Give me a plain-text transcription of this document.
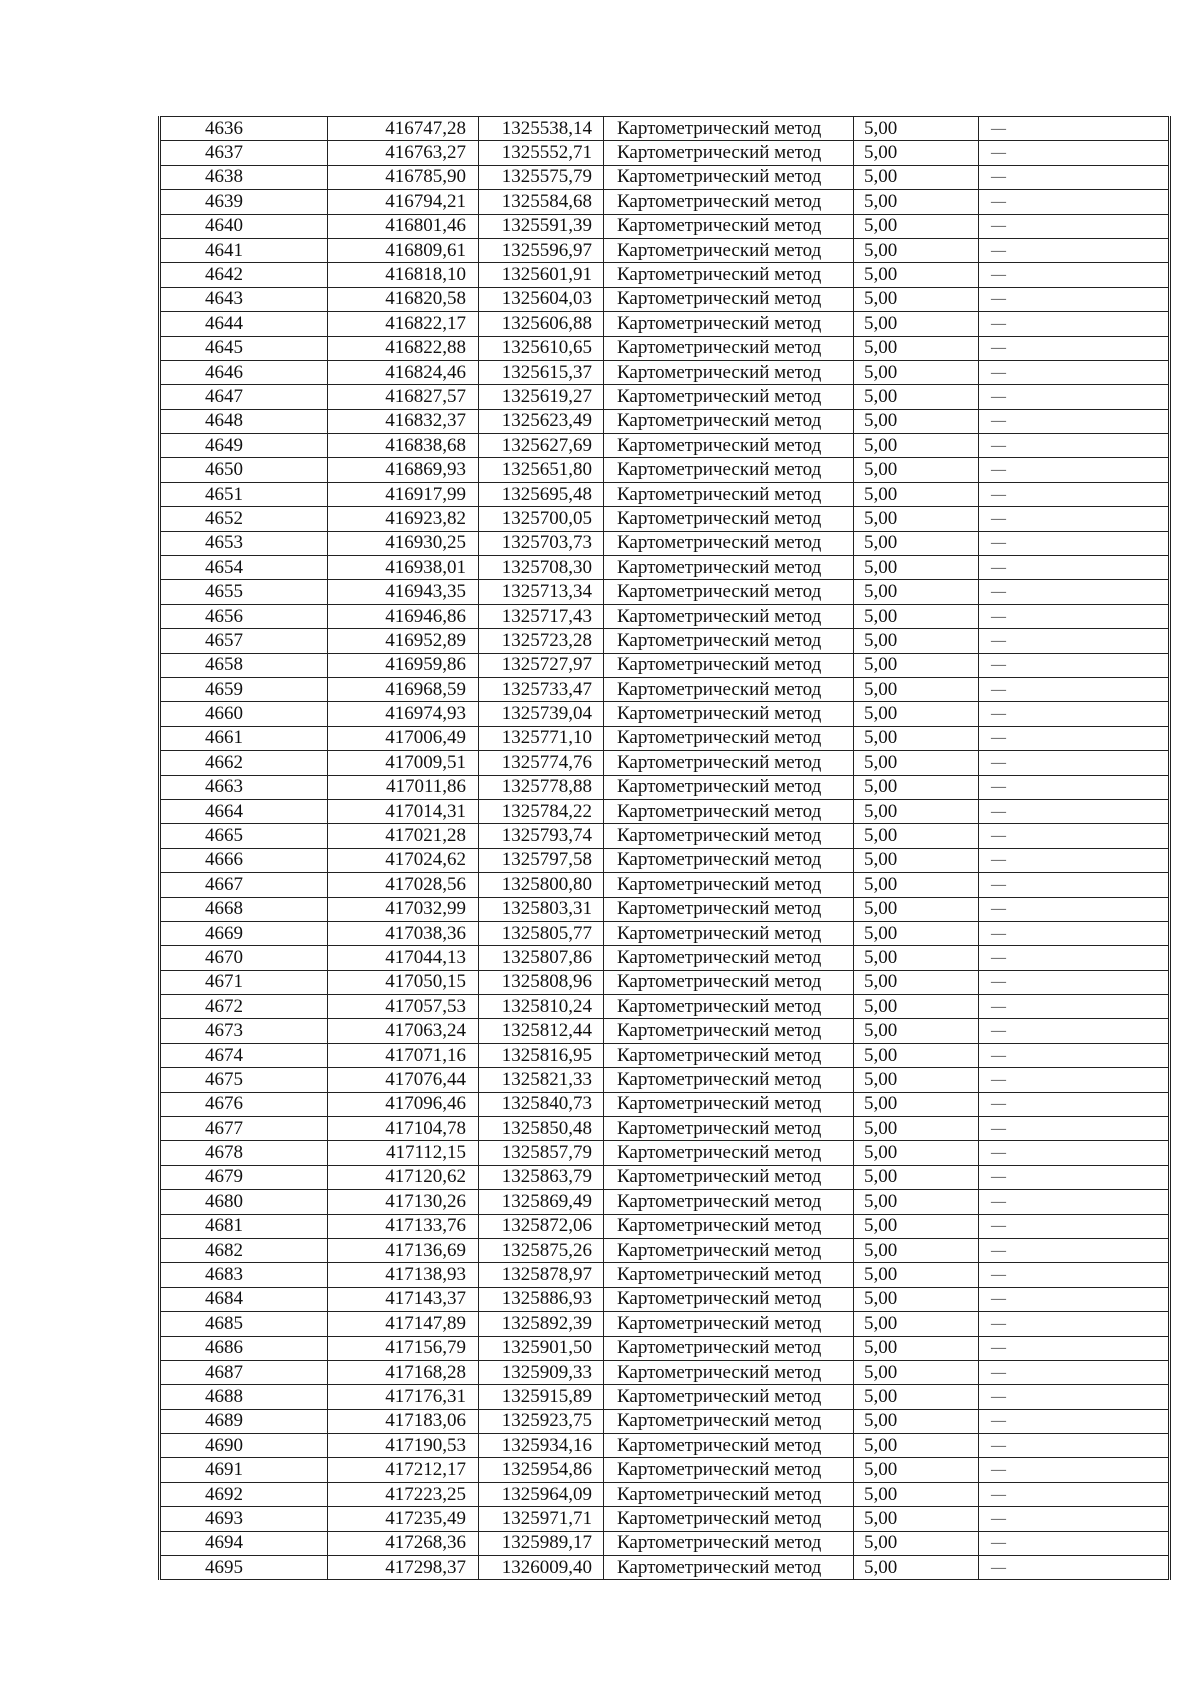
4636	416747,28	1325538,14	Картометрический метод	5,00	—
4637	416763,27	1325552,71	Картометрический метод	5,00	—
4638	416785,90	1325575,79	Картометрический метод	5,00	—
4639	416794,21	1325584,68	Картометрический метод	5,00	—
4640	416801,46	1325591,39	Картометрический метод	5,00	—
4641	416809,61	1325596,97	Картометрический метод	5,00	—
4642	416818,10	1325601,91	Картометрический метод	5,00	—
4643	416820,58	1325604,03	Картометрический метод	5,00	—
4644	416822,17	1325606,88	Картометрический метод	5,00	—
4645	416822,88	1325610,65	Картометрический метод	5,00	—
4646	416824,46	1325615,37	Картометрический метод	5,00	—
4647	416827,57	1325619,27	Картометрический метод	5,00	—
4648	416832,37	1325623,49	Картометрический метод	5,00	—
4649	416838,68	1325627,69	Картометрический метод	5,00	—
4650	416869,93	1325651,80	Картометрический метод	5,00	—
4651	416917,99	1325695,48	Картометрический метод	5,00	—
4652	416923,82	1325700,05	Картометрический метод	5,00	—
4653	416930,25	1325703,73	Картометрический метод	5,00	—
4654	416938,01	1325708,30	Картометрический метод	5,00	—
4655	416943,35	1325713,34	Картометрический метод	5,00	—
4656	416946,86	1325717,43	Картометрический метод	5,00	—
4657	416952,89	1325723,28	Картометрический метод	5,00	—
4658	416959,86	1325727,97	Картометрический метод	5,00	—
4659	416968,59	1325733,47	Картометрический метод	5,00	—
4660	416974,93	1325739,04	Картометрический метод	5,00	—
4661	417006,49	1325771,10	Картометрический метод	5,00	—
4662	417009,51	1325774,76	Картометрический метод	5,00	—
4663	417011,86	1325778,88	Картометрический метод	5,00	—
4664	417014,31	1325784,22	Картометрический метод	5,00	—
4665	417021,28	1325793,74	Картометрический метод	5,00	—
4666	417024,62	1325797,58	Картометрический метод	5,00	—
4667	417028,56	1325800,80	Картометрический метод	5,00	—
4668	417032,99	1325803,31	Картометрический метод	5,00	—
4669	417038,36	1325805,77	Картометрический метод	5,00	—
4670	417044,13	1325807,86	Картометрический метод	5,00	—
4671	417050,15	1325808,96	Картометрический метод	5,00	—
4672	417057,53	1325810,24	Картометрический метод	5,00	—
4673	417063,24	1325812,44	Картометрический метод	5,00	—
4674	417071,16	1325816,95	Картометрический метод	5,00	—
4675	417076,44	1325821,33	Картометрический метод	5,00	—
4676	417096,46	1325840,73	Картометрический метод	5,00	—
4677	417104,78	1325850,48	Картометрический метод	5,00	—
4678	417112,15	1325857,79	Картометрический метод	5,00	—
4679	417120,62	1325863,79	Картометрический метод	5,00	—
4680	417130,26	1325869,49	Картометрический метод	5,00	—
4681	417133,76	1325872,06	Картометрический метод	5,00	—
4682	417136,69	1325875,26	Картометрический метод	5,00	—
4683	417138,93	1325878,97	Картометрический метод	5,00	—
4684	417143,37	1325886,93	Картометрический метод	5,00	—
4685	417147,89	1325892,39	Картометрический метод	5,00	—
4686	417156,79	1325901,50	Картометрический метод	5,00	—
4687	417168,28	1325909,33	Картометрический метод	5,00	—
4688	417176,31	1325915,89	Картометрический метод	5,00	—
4689	417183,06	1325923,75	Картометрический метод	5,00	—
4690	417190,53	1325934,16	Картометрический метод	5,00	—
4691	417212,17	1325954,86	Картометрический метод	5,00	—
4692	417223,25	1325964,09	Картометрический метод	5,00	—
4693	417235,49	1325971,71	Картометрический метод	5,00	—
4694	417268,36	1325989,17	Картометрический метод	5,00	—
4695	417298,37	1326009,40	Картометрический метод	5,00	—
